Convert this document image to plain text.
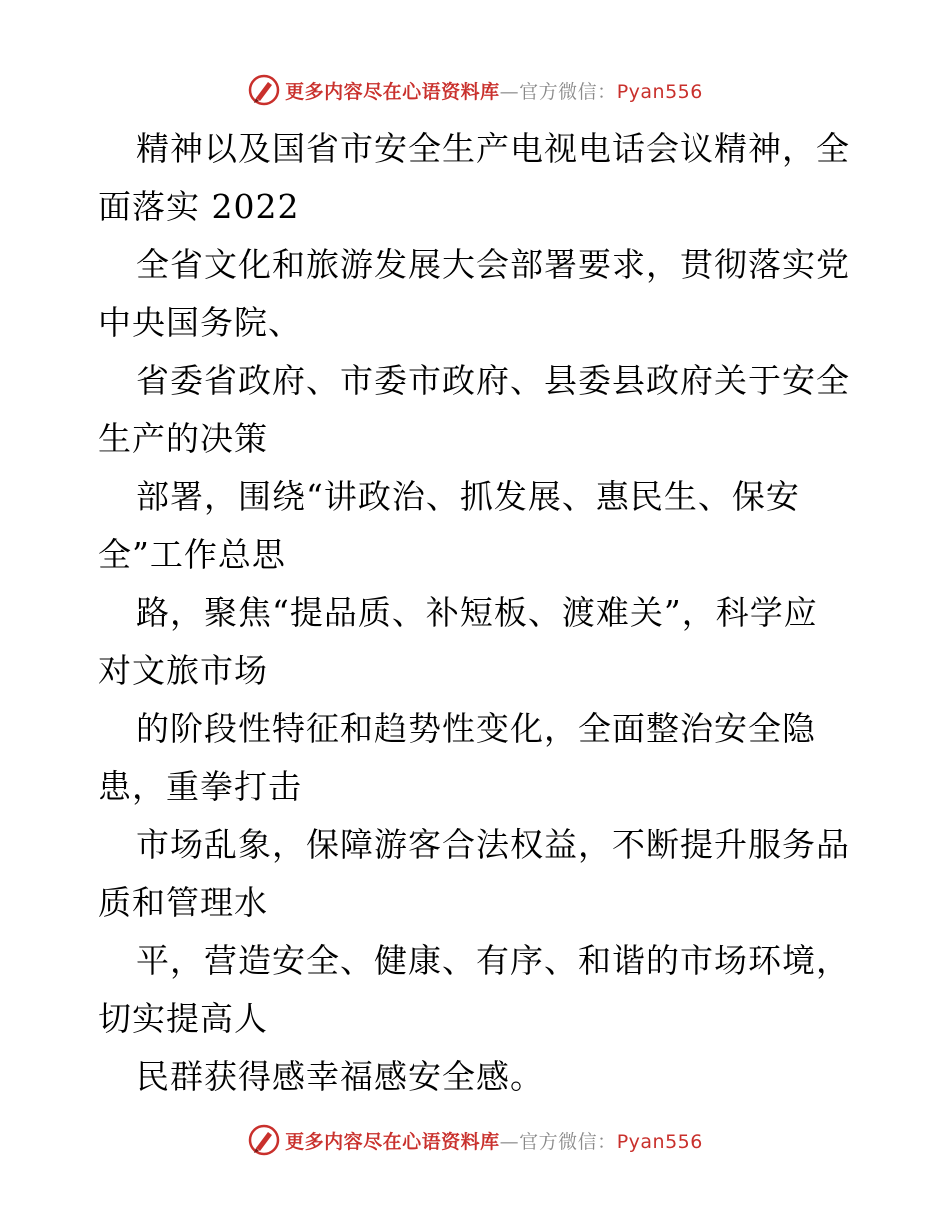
更多内容尽在心语资料库—官方微信：Pyan556
精神以及国省市安全生产电视电话会议精神，全
面落实 2022
全省文化和旅游发展大会部署要求，贯彻落实党
中央国务院、
省委省政府、市委市政府、县委县政府关于安全
生产的决策
部署，围绕“讲政治、抓发展、惠民生、保安
全”工作总思
路，聚焦“提品质、补短板、渡难关”，科学应
对文旅市场
的阶段性特征和趋势性变化，全面整治安全隐
患，重拳打击
市场乱象，保障游客合法权益，不断提升服务品
质和管理水
平，营造安全、健康、有序、和谐的市场环境，
切实提高人
民群获得感幸福感安全感。
更多内容尽在心语资料库—官方微信：Pyan556
